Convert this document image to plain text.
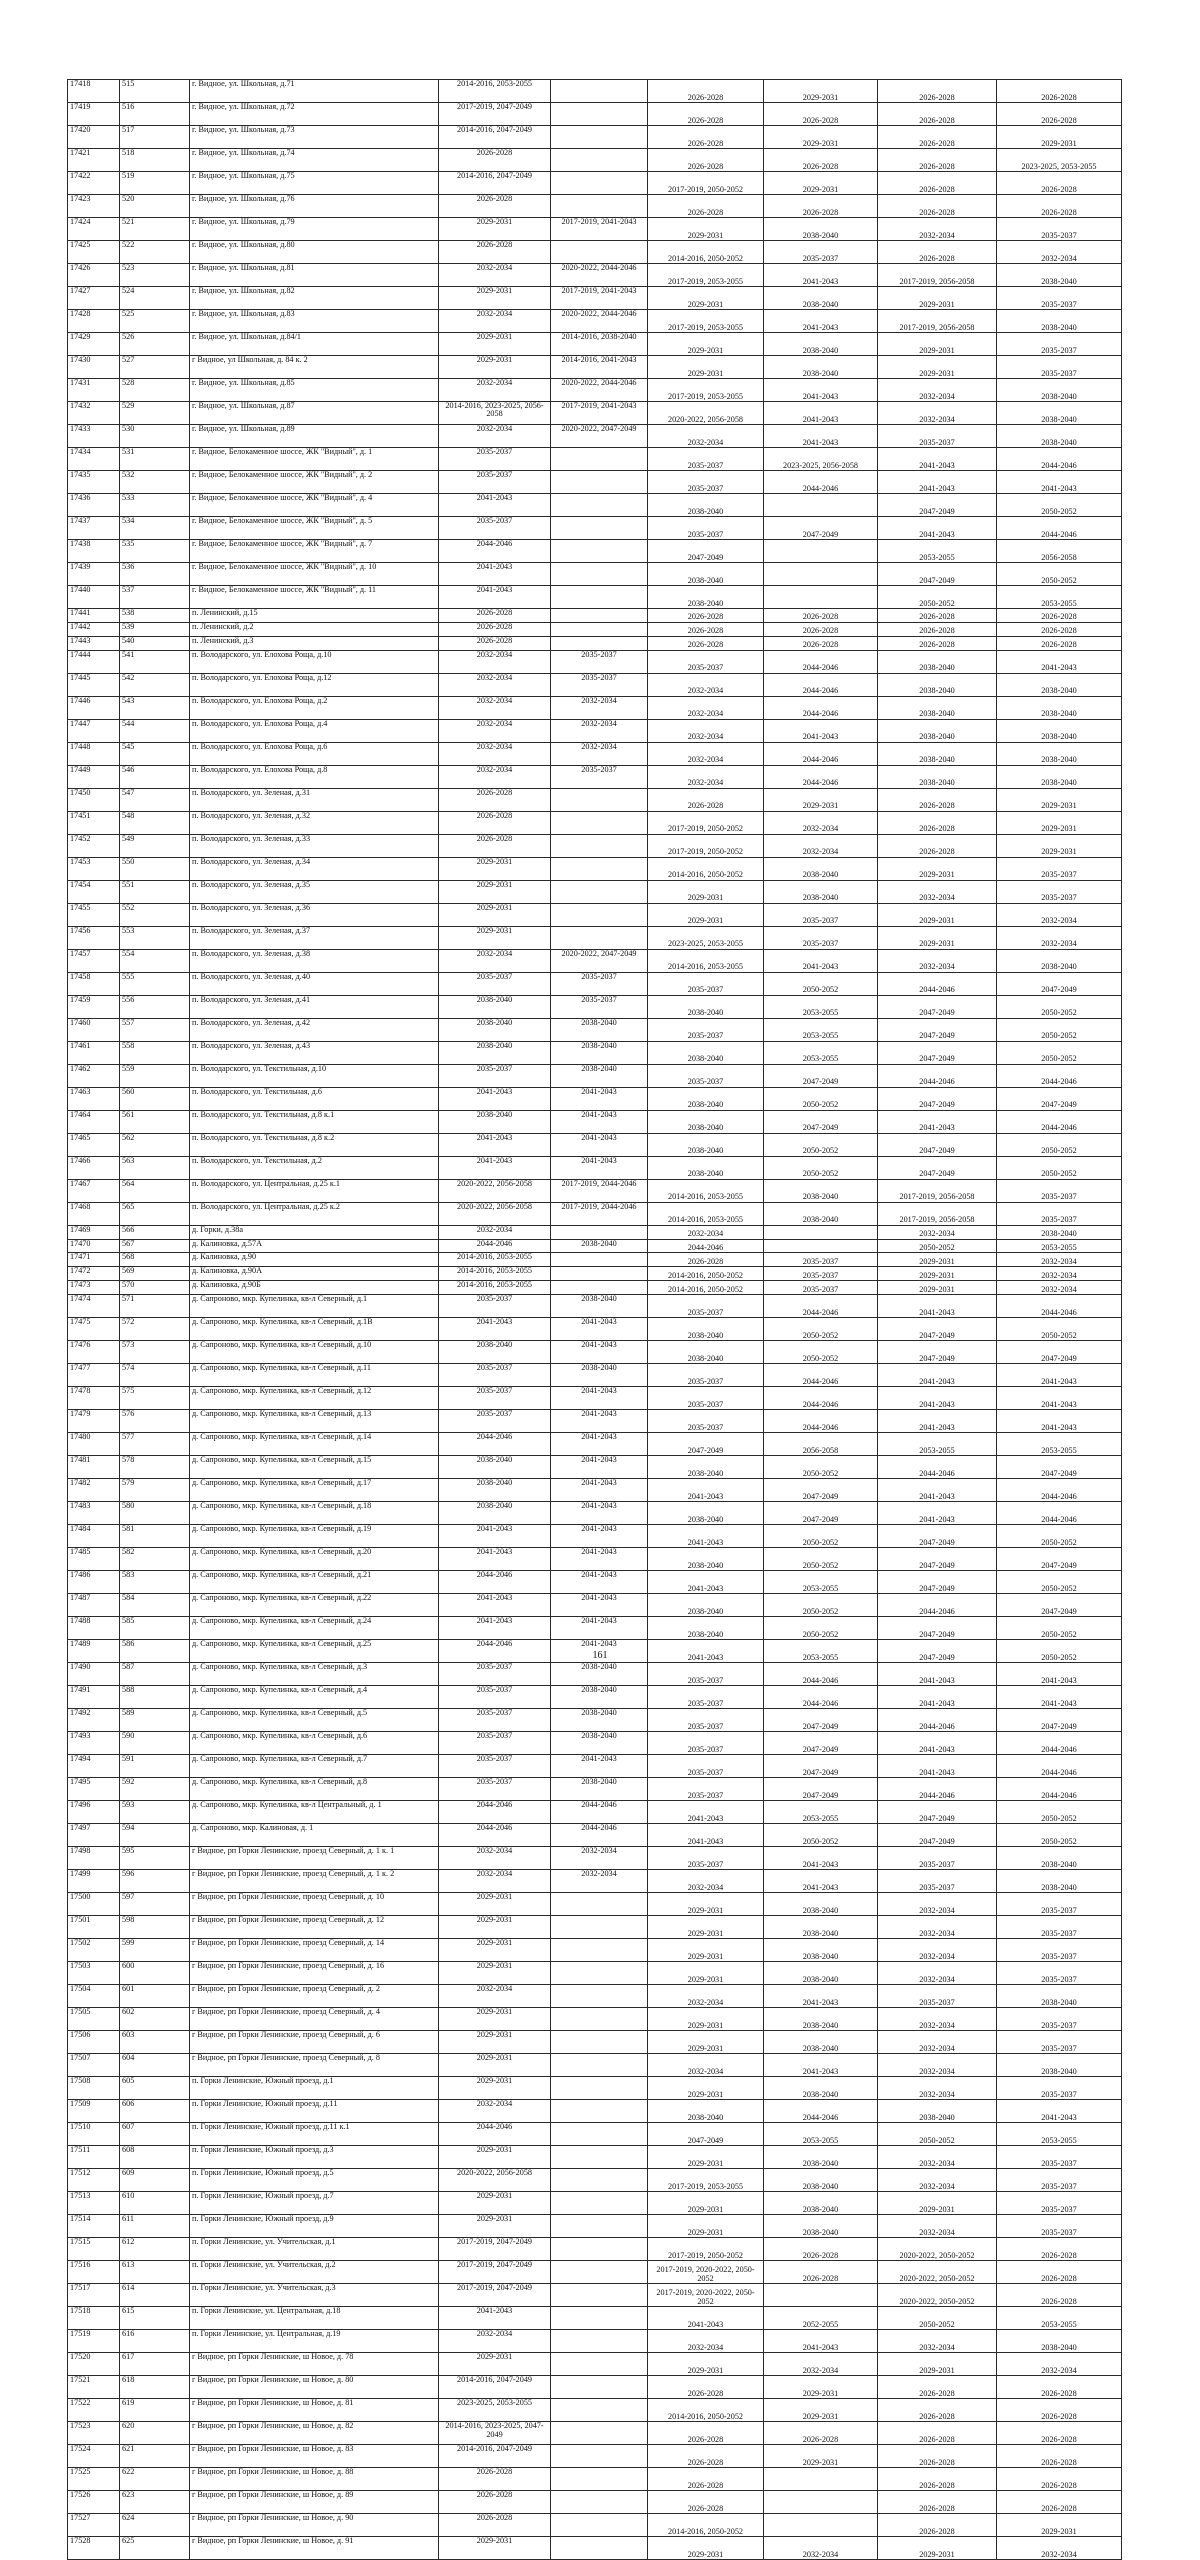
17418	515	г. Видное, ул. Школьная, д.71	2014-2016, 2053-2055		2026-2028	2029-2031	2026-2028	2026-2028
17419	516	г. Видное, ул. Школьная, д.72	2017-2019, 2047-2049		2026-2028	2026-2028	2026-2028	2026-2028
17420	517	г. Видное, ул. Школьная, д.73	2014-2016, 2047-2049		2026-2028	2029-2031	2026-2028	2029-2031
17421	518	г. Видное, ул. Школьная, д.74	2026-2028		2026-2028	2026-2028	2026-2028	2023-2025, 2053-2055
17422	519	г. Видное, ул. Школьная, д.75	2014-2016, 2047-2049		2017-2019, 2050-2052	2029-2031	2026-2028	2026-2028
17423	520	г. Видное, ул. Школьная, д.76	2026-2028		2026-2028	2026-2028	2026-2028	2026-2028
17424	521	г. Видное, ул. Школьная, д.79	2029-2031	2017-2019, 2041-2043	2029-2031	2038-2040	2032-2034	2035-2037
17425	522	г. Видное, ул. Школьная, д.80	2026-2028		2014-2016, 2050-2052	2035-2037	2026-2028	2032-2034
17426	523	г. Видное, ул. Школьная, д.81	2032-2034	2020-2022, 2044-2046	2017-2019, 2053-2055	2041-2043	2017-2019, 2056-2058	2038-2040
17427	524	г. Видное, ул. Школьная, д.82	2029-2031	2017-2019, 2041-2043	2029-2031	2038-2040	2029-2031	2035-2037
17428	525	г. Видное, ул. Школьная, д.83	2032-2034	2020-2022, 2044-2046	2017-2019, 2053-2055	2041-2043	2017-2019, 2056-2058	2038-2040
17429	526	г. Видное, ул. Школьная, д.84/1	2029-2031	2014-2016, 2038-2040	2029-2031	2038-2040	2029-2031	2035-2037
17430	527	г Видное, ул Школьная, д. 84 к. 2	2029-2031	2014-2016, 2041-2043	2029-2031	2038-2040	2029-2031	2035-2037
17431	528	г. Видное, ул. Школьная, д.85	2032-2034	2020-2022, 2044-2046	2017-2019, 2053-2055	2041-2043	2032-2034	2038-2040
17432	529	г. Видное, ул. Школьная, д.87	2014-2016, 2023-2025, 2056-2058	2017-2019, 2041-2043	2020-2022, 2056-2058	2041-2043	2032-2034	2038-2040
17433	530	г. Видное, ул. Школьная, д.89	2032-2034	2020-2022, 2047-2049	2032-2034	2041-2043	2035-2037	2038-2040
17434	531	г. Видное, Белокаменное шоссе, ЖК "Видный", д. 1	2035-2037		2035-2037	2023-2025, 2056-2058	2041-2043	2044-2046
17435	532	г. Видное, Белокаменное шоссе, ЖК "Видный", д. 2	2035-2037		2035-2037	2044-2046	2041-2043	2041-2043
17436	533	г. Видное, Белокаменное шоссе, ЖК "Видный", д. 4	2041-2043		2038-2040		2047-2049	2050-2052
17437	534	г. Видное, Белокаменное шоссе, ЖК "Видный", д. 5	2035-2037		2035-2037	2047-2049	2041-2043	2044-2046
17438	535	г. Видное, Белокаменное шоссе, ЖК "Видный", д. 7	2044-2046		2047-2049		2053-2055	2056-2058
17439	536	г. Видное, Белокаменное шоссе, ЖК "Видный", д. 10	2041-2043		2038-2040		2047-2049	2050-2052
17440	537	г. Видное, Белокаменное шоссе, ЖК "Видный", д. 11	2041-2043		2038-2040		2050-2052	2053-2055
17441	538	п. Ленинский, д.15	2026-2028		2026-2028	2026-2028	2026-2028	2026-2028
17442	539	п. Ленинский, д.2	2026-2028		2026-2028	2026-2028	2026-2028	2026-2028
17443	540	п. Ленинский, д.3	2026-2028		2026-2028	2026-2028	2026-2028	2026-2028
17444	541	п. Володарского, ул. Елохова Роща, д.10	2032-2034	2035-2037	2035-2037	2044-2046	2038-2040	2041-2043
17445	542	п. Володарского, ул. Елохова Роща, д.12	2032-2034	2035-2037	2032-2034	2044-2046	2038-2040	2038-2040
17446	543	п. Володарского, ул. Елохова Роща, д.2	2032-2034	2032-2034	2032-2034	2044-2046	2038-2040	2038-2040
17447	544	п. Володарского, ул. Елохова Роща, д.4	2032-2034	2032-2034	2032-2034	2041-2043	2038-2040	2038-2040
17448	545	п. Володарского, ул. Елохова Роща, д.6	2032-2034	2032-2034	2032-2034	2044-2046	2038-2040	2038-2040
17449	546	п. Володарского, ул. Елохова Роща, д.8	2032-2034	2035-2037	2032-2034	2044-2046	2038-2040	2038-2040
17450	547	п. Володарского, ул. Зеленая, д.31	2026-2028		2026-2028	2029-2031	2026-2028	2029-2031
17451	548	п. Володарского, ул. Зеленая, д.32	2026-2028		2017-2019, 2050-2052	2032-2034	2026-2028	2029-2031
17452	549	п. Володарского, ул. Зеленая, д.33	2026-2028		2017-2019, 2050-2052	2032-2034	2026-2028	2029-2031
17453	550	п. Володарского, ул. Зеленая, д.34	2029-2031		2014-2016, 2050-2052	2038-2040	2029-2031	2035-2037
17454	551	п. Володарского, ул. Зеленая, д.35	2029-2031		2029-2031	2038-2040	2032-2034	2035-2037
17455	552	п. Володарского, ул. Зеленая, д.36	2029-2031		2029-2031	2035-2037	2029-2031	2032-2034
17456	553	п. Володарского, ул. Зеленая, д.37	2029-2031		2023-2025, 2053-2055	2035-2037	2029-2031	2032-2034
17457	554	п. Володарского, ул. Зеленая, д.38	2032-2034	2020-2022, 2047-2049	2014-2016, 2053-2055	2041-2043	2032-2034	2038-2040
17458	555	п. Володарского, ул. Зеленая, д.40	2035-2037	2035-2037	2035-2037	2050-2052	2044-2046	2047-2049
17459	556	п. Володарского, ул. Зеленая, д.41	2038-2040	2035-2037	2038-2040	2053-2055	2047-2049	2050-2052
17460	557	п. Володарского, ул. Зеленая, д.42	2038-2040	2038-2040	2035-2037	2053-2055	2047-2049	2050-2052
17461	558	п. Володарского, ул. Зеленая, д.43	2038-2040	2038-2040	2038-2040	2053-2055	2047-2049	2050-2052
17462	559	п. Володарского, ул. Текстильная, д.10	2035-2037	2038-2040	2035-2037	2047-2049	2044-2046	2044-2046
17463	560	п. Володарского, ул. Текстильная, д.6	2041-2043	2041-2043	2038-2040	2050-2052	2047-2049	2047-2049
17464	561	п. Володарского, ул. Текстильная, д.8 к.1	2038-2040	2041-2043	2038-2040	2047-2049	2041-2043	2044-2046
17465	562	п. Володарского, ул. Текстильная, д.8 к.2	2041-2043	2041-2043	2038-2040	2050-2052	2047-2049	2050-2052
17466	563	п. Володарского, ул. Текстильная, д.2	2041-2043	2041-2043	2038-2040	2050-2052	2047-2049	2050-2052
17467	564	п. Володарского, ул. Центральная, д.25 к.1	2020-2022, 2056-2058	2017-2019, 2044-2046	2014-2016, 2053-2055	2038-2040	2017-2019, 2056-2058	2035-2037
17468	565	п. Володарского, ул. Центральная, д.25 к.2	2020-2022, 2056-2058	2017-2019, 2044-2046	2014-2016, 2053-2055	2038-2040	2017-2019, 2056-2058	2035-2037
17469	566	д. Горки, д.38а	2032-2034		2032-2034		2032-2034	2038-2040
17470	567	д. Калиновка, д.57А	2044-2046	2038-2040	2044-2046		2050-2052	2053-2055
17471	568	д. Калиновка, д.90	2014-2016, 2053-2055		2026-2028	2035-2037	2029-2031	2032-2034
17472	569	д. Калиновка, д.90А	2014-2016, 2053-2055		2014-2016, 2050-2052	2035-2037	2029-2031	2032-2034
17473	570	д. Калиновка, д.90Б	2014-2016, 2053-2055		2014-2016, 2050-2052	2035-2037	2029-2031	2032-2034
17474	571	д. Сапроново, мкр. Купелинка, кв-л Северный, д.1	2035-2037	2038-2040	2035-2037	2044-2046	2041-2043	2044-2046
17475	572	д. Сапроново, мкр. Купелинка, кв-л Северный, д.1В	2041-2043	2041-2043	2038-2040	2050-2052	2047-2049	2050-2052
17476	573	д. Сапроново, мкр. Купелинка, кв-л Северный, д.10	2038-2040	2041-2043	2038-2040	2050-2052	2047-2049	2047-2049
17477	574	д. Сапроново, мкр. Купелинка, кв-л Северный, д.11	2035-2037	2038-2040	2035-2037	2044-2046	2041-2043	2041-2043
17478	575	д. Сапроново, мкр. Купелинка, кв-л Северный, д.12	2035-2037	2041-2043	2035-2037	2044-2046	2041-2043	2041-2043
17479	576	д. Сапроново, мкр. Купелинка, кв-л Северный, д.13	2035-2037	2041-2043	2035-2037	2044-2046	2041-2043	2041-2043
17480	577	д. Сапроново, мкр. Купелинка, кв-л Северный, д.14	2044-2046	2041-2043	2047-2049	2056-2058	2053-2055	2053-2055
17481	578	д. Сапроново, мкр. Купелинка, кв-л Северный, д.15	2038-2040	2041-2043	2038-2040	2050-2052	2044-2046	2047-2049
17482	579	д. Сапроново, мкр. Купелинка, кв-л Северный, д.17	2038-2040	2041-2043	2041-2043	2047-2049	2041-2043	2044-2046
17483	580	д. Сапроново, мкр. Купелинка, кв-л Северный, д.18	2038-2040	2041-2043	2038-2040	2047-2049	2041-2043	2044-2046
17484	581	д. Сапроново, мкр. Купелинка, кв-л Северный, д.19	2041-2043	2041-2043	2041-2043	2050-2052	2047-2049	2050-2052
17485	582	д. Сапроново, мкр. Купелинка, кв-л Северный, д.20	2041-2043	2041-2043	2038-2040	2050-2052	2047-2049	2047-2049
17486	583	д. Сапроново, мкр. Купелинка, кв-л Северный, д.21	2044-2046	2041-2043	2041-2043	2053-2055	2047-2049	2050-2052
17487	584	д. Сапроново, мкр. Купелинка, кв-л Северный, д.22	2041-2043	2041-2043	2038-2040	2050-2052	2044-2046	2047-2049
17488	585	д. Сапроново, мкр. Купелинка, кв-л Северный, д.24	2041-2043	2041-2043	2038-2040	2050-2052	2047-2049	2050-2052
17489	586	д. Сапроново, мкр. Купелинка, кв-л Северный, д.25	2044-2046	2041-2043	2041-2043	2053-2055	2047-2049	2050-2052
17490	587	д. Сапроново, мкр. Купелинка, кв-л Северный, д.3	2035-2037	2038-2040	2035-2037	2044-2046	2041-2043	2041-2043
17491	588	д. Сапроново, мкр. Купелинка, кв-л Северный, д.4	2035-2037	2038-2040	2035-2037	2044-2046	2041-2043	2041-2043
17492	589	д. Сапроново, мкр. Купелинка, кв-л Северный, д.5	2035-2037	2038-2040	2035-2037	2047-2049	2044-2046	2047-2049
17493	590	д. Сапроново, мкр. Купелинка, кв-л Северный, д.6	2035-2037	2038-2040	2035-2037	2047-2049	2041-2043	2044-2046
17494	591	д. Сапроново, мкр. Купелинка, кв-л Северный, д.7	2035-2037	2041-2043	2035-2037	2047-2049	2041-2043	2044-2046
17495	592	д. Сапроново, мкр. Купелинка, кв-л Северный, д.8	2035-2037	2038-2040	2035-2037	2047-2049	2044-2046	2044-2046
17496	593	д. Сапроново, мкр. Купелинка, кв-л Центральный, д. 1	2044-2046	2044-2046	2041-2043	2053-2055	2047-2049	2050-2052
17497	594	д. Сапроново, мкр. Калиновая, д. 1	2044-2046	2044-2046	2041-2043	2050-2052	2047-2049	2050-2052
17498	595	г Видное, рп Горки Ленинские, проезд Северный, д. 1 к. 1	2032-2034	2032-2034	2035-2037	2041-2043	2035-2037	2038-2040
17499	596	г Видное, рп Горки Ленинские, проезд Северный, д. 1 к. 2	2032-2034	2032-2034	2032-2034	2041-2043	2035-2037	2038-2040
17500	597	г Видное, рп Горки Ленинские, проезд Северный, д. 10	2029-2031		2029-2031	2038-2040	2032-2034	2035-2037
17501	598	г Видное, рп Горки Ленинские, проезд Северный, д. 12	2029-2031		2029-2031	2038-2040	2032-2034	2035-2037
17502	599	г Видное, рп Горки Ленинские, проезд Северный, д. 14	2029-2031		2029-2031	2038-2040	2032-2034	2035-2037
17503	600	г Видное, рп Горки Ленинские, проезд Северный, д. 16	2029-2031		2029-2031	2038-2040	2032-2034	2035-2037
17504	601	г Видное, рп Горки Ленинские, проезд Северный, д. 2	2032-2034		2032-2034	2041-2043	2035-2037	2038-2040
17505	602	г Видное, рп Горки Ленинские, проезд Северный, д. 4	2029-2031		2029-2031	2038-2040	2032-2034	2035-2037
17506	603	г Видное, рп Горки Ленинские, проезд Северный, д. 6	2029-2031		2029-2031	2038-2040	2032-2034	2035-2037
17507	604	г Видное, рп Горки Ленинские, проезд Северный, д. 8	2029-2031		2032-2034	2041-2043	2032-2034	2038-2040
17508	605	п. Горки Ленинские, Южный проезд, д.1	2029-2031		2029-2031	2038-2040	2032-2034	2035-2037
17509	606	п. Горки Ленинские, Южный проезд, д.11	2032-2034		2038-2040	2044-2046	2038-2040	2041-2043
17510	607	п. Горки Ленинские, Южный проезд, д.11 к.1	2044-2046		2047-2049	2053-2055	2050-2052	2053-2055
17511	608	п. Горки Ленинские, Южный проезд, д.3	2029-2031		2029-2031	2038-2040	2032-2034	2035-2037
17512	609	п. Горки Ленинские, Южный проезд, д.5	2020-2022, 2056-2058		2017-2019, 2053-2055	2038-2040	2032-2034	2035-2037
17513	610	п. Горки Ленинские, Южный проезд, д.7	2029-2031		2029-2031	2038-2040	2029-2031	2035-2037
17514	611	п. Горки Ленинские, Южный проезд, д.9	2029-2031		2029-2031	2038-2040	2032-2034	2035-2037
17515	612	п. Горки Ленинские, ул. Учительская, д.1	2017-2019, 2047-2049		2017-2019, 2050-2052	2026-2028	2020-2022, 2050-2052	2026-2028
17516	613	п. Горки Ленинские, ул. Учительская, д.2	2017-2019, 2047-2049		2017-2019, 2020-2022, 2050-2052	2026-2028	2020-2022, 2050-2052	2026-2028
17517	614	п. Горки Ленинские, ул. Учительская, д.3	2017-2019, 2047-2049		2017-2019, 2020-2022, 2050-2052		2020-2022, 2050-2052	2026-2028
17518	615	п. Горки Ленинские, ул. Центральная, д.18	2041-2043		2041-2043	2052-2055	2050-2052	2053-2055
17519	616	п. Горки Ленинские, ул. Центральная, д.19	2032-2034		2032-2034	2041-2043	2032-2034	2038-2040
17520	617	г Видное, рп Горки Ленинские, ш Новое, д. 78	2029-2031		2029-2031	2032-2034	2029-2031	2032-2034
17521	618	г Видное, рп Горки Ленинские, ш Новое, д. 80	2014-2016, 2047-2049		2026-2028	2029-2031	2026-2028	2026-2028
17522	619	г Видное, рп Горки Ленинские, ш Новое, д. 81	2023-2025, 2053-2055		2014-2016, 2050-2052	2029-2031	2026-2028	2026-2028
17523	620	г Видное, рп Горки Ленинские, ш Новое, д. 82	2014-2016, 2023-2025, 2047-2049		2026-2028	2026-2028	2026-2028	2026-2028
17524	621	г Видное, рп Горки Ленинские, ш Новое, д. 83	2014-2016, 2047-2049		2026-2028	2029-2031	2026-2028	2026-2028
17525	622	г Видное, рп Горки Ленинские, ш Новое, д. 88	2026-2028		2026-2028		2026-2028	2026-2028
17526	623	г Видное, рп Горки Ленинские, ш Новое, д. 89	2026-2028		2026-2028		2026-2028	2026-2028
17527	624	г Видное, рп Горки Ленинские, ш Новое, д. 90	2026-2028		2014-2016, 2050-2052		2026-2028	2029-2031
17528	625	г Видное, рп Горки Ленинские, ш Новое, д. 91	2029-2031		2029-2031	2032-2034	2029-2031	2032-2034
161
